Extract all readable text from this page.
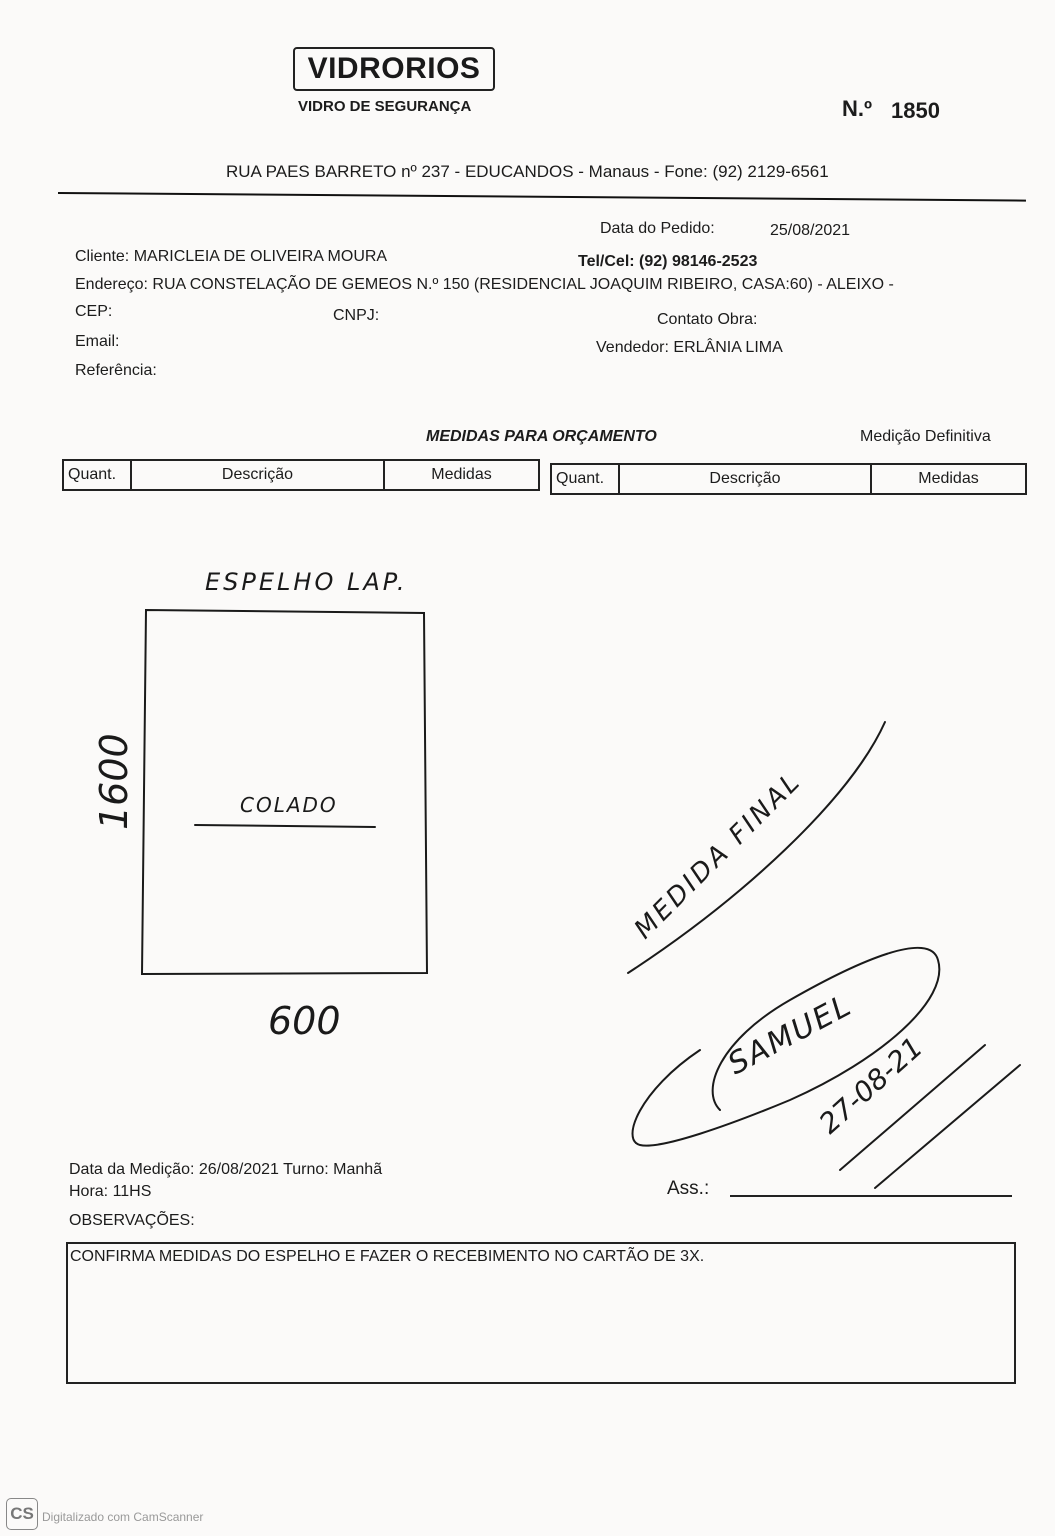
VIDRORIOS
VIDRO DE SEGURANÇA	N.º 1850
RUA PAES BARRETO nº 237 - EDUCANDOS - Manaus - Fone: (92) 2129-6561
Data do Pedido:	25/08/2021
Cliente: MARICLEIA DE OLIVEIRA MOURA	Tel/Cel: (92) 98146-2523
Endereço: RUA CONSTELAÇÃO DE GEMEOS N.º 150 (RESIDENCIAL JOAQUIM RIBEIRO, CASA:60) - ALEIXO -
CEP:	CNPJ:	Contato Obra:
Email:	Vendedor: ERLÂNIA LIMA
Referência:
MEDIDAS PARA ORÇAMENTO	Medição Definitiva
Quant.	Descrição	Medidas	Quant.	Descrição	Medidas
ESPELHO LAP.
COLADO
1600
600
MEDIDA FINAL
SAMUEL
27-08-21
Data da Medição: 26/08/2021 Turno: Manhã
Hora: 11HS	Ass.:
OBSERVAÇÕES:
CONFIRMA MEDIDAS DO ESPELHO E FAZER O RECEBIMENTO NO CARTÃO DE 3X.
CS Digitalizado com CamScanner
